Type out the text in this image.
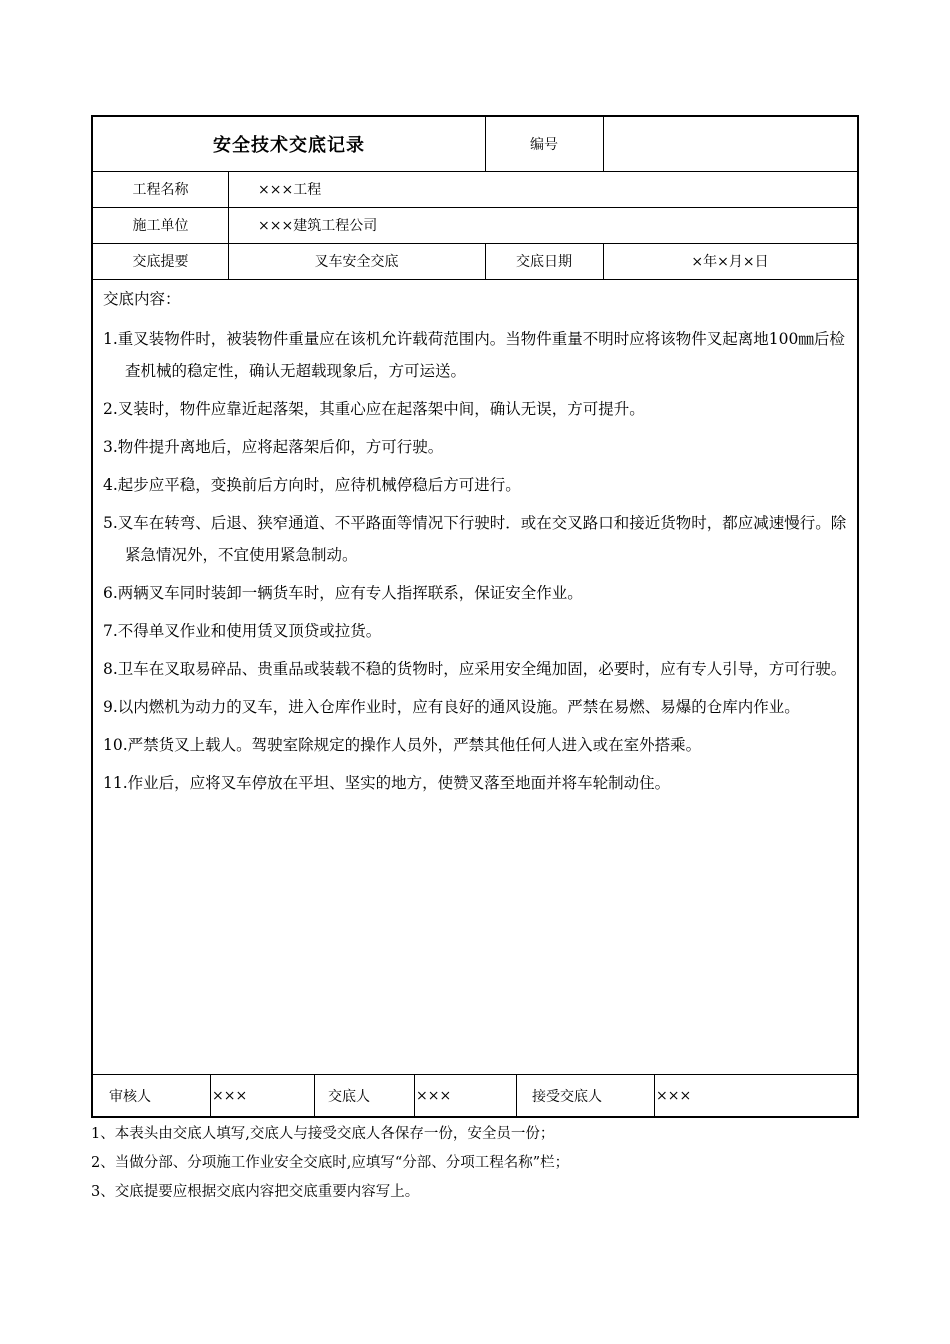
安全技术交底记录	编号
工程名称	×××工程
施工单位	×××建筑工程公司
交底提要	叉车安全交底	交底日期	×年×月×日
交底内容：
1.重叉装物件时，被装物件重量应在该机允许载荷范围内。当物件重量不明时应将该物件叉起离地100㎜后检查机械的稳定性，确认无超载现象后，方可运送。
2.叉装时，物件应靠近起落架，其重心应在起落架中间，确认无误，方可提升。
3.物件提升离地后，应将起落架后仰，方可行驶。
4.起步应平稳，变换前后方向时，应待机械停稳后方可进行。
5.叉车在转弯、后退、狭窄通道、不平路面等情况下行驶时．或在交叉路口和接近货物时，都应减速慢行。除紧急情况外，不宜使用紧急制动。
6.两辆叉车同时装卸一辆货车时，应有专人指挥联系，保证安全作业。
7.不得单叉作业和使用赁叉顶贷或拉货。
8.卫车在叉取易碎品、贵重品或装载不稳的货物时，应采用安全绳加固，必要时，应有专人引导，方可行驶。
9.以内燃机为动力的叉车，进入仓库作业时，应有良好的通风设施。严禁在易燃、易爆的仓库内作业。
10.严禁货叉上载人。驾驶室除规定的操作人员外，严禁其他任何人进入或在室外搭乘。
11.作业后，应将叉车停放在平坦、坚实的地方，使赞叉落至地面并将车轮制动住。
审核人	×××	交底人	×××	接受交底人	×××
1、本表头由交底人填写,交底人与接受交底人各保存一份，安全员一份；
2、当做分部、分项施工作业安全交底时,应填写“分部、分项工程名称”栏；
3、交底提要应根据交底内容把交底重要内容写上。
